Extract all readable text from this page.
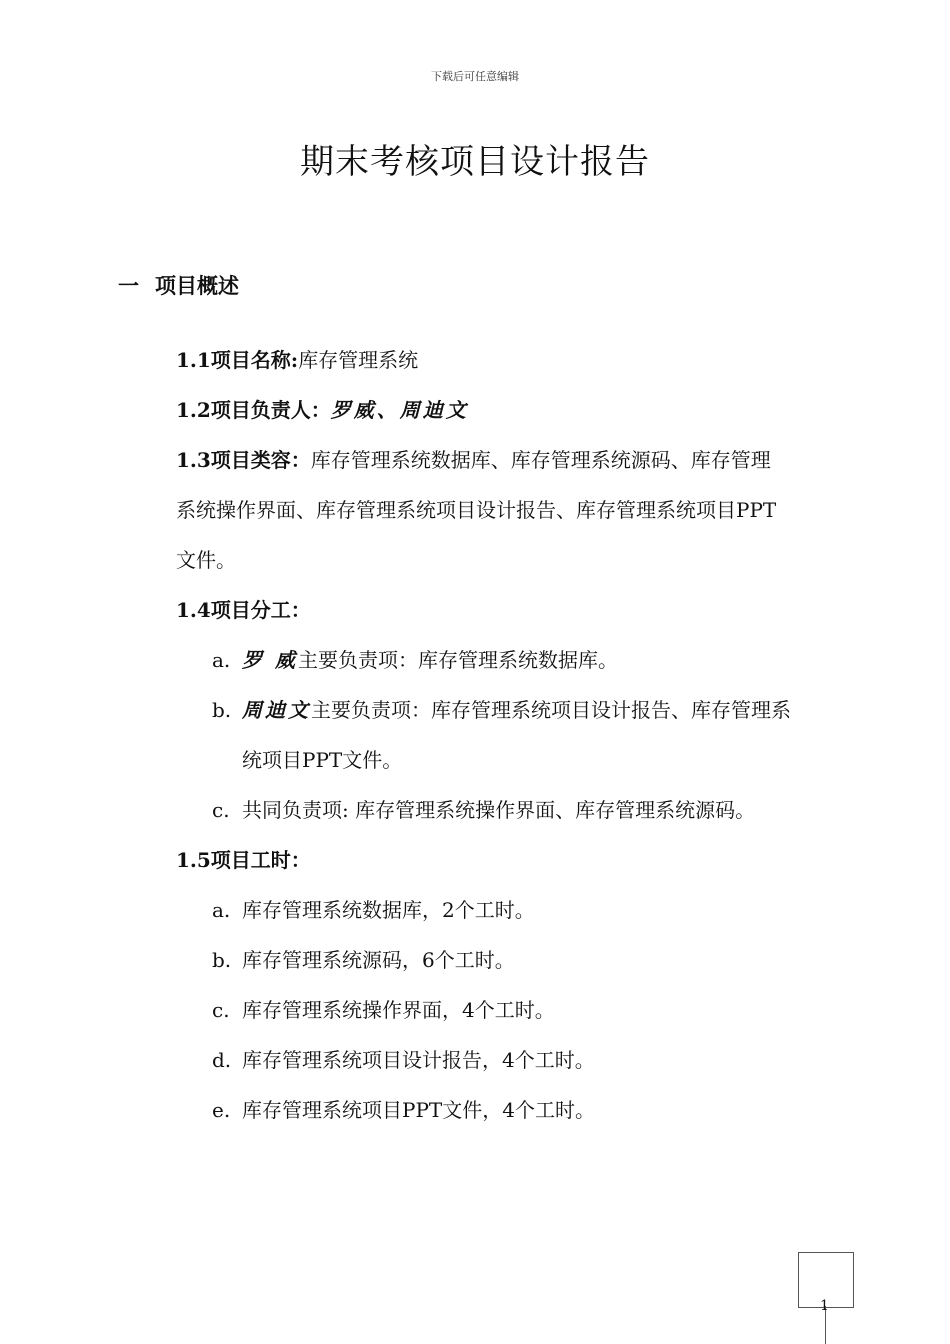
下载后可任意编辑
期末考核项目设计报告
一 项目概述
1.1项目名称:库存管理系统
1.2项目负责人：罗威、周迪文
1.3项目类容：库存管理系统数据库、库存管理系统源码、库存管理
系统操作界面、库存管理系统项目设计报告、库存管理系统项目PPT
文件。
1.4项目分工：
a. 罗 威主要负责项：库存管理系统数据库。
b. 周迪文主要负责项：库存管理系统项目设计报告、库存管理系
统项目PPT文件。
c. 共同负责项: 库存管理系统操作界面、库存管理系统源码。
1.5项目工时：
a. 库存管理系统数据库，2个工时。
b. 库存管理系统源码，6个工时。
c. 库存管理系统操作界面，4个工时。
d. 库存管理系统项目设计报告，4个工时。
e. 库存管理系统项目PPT文件，4个工时。
1
